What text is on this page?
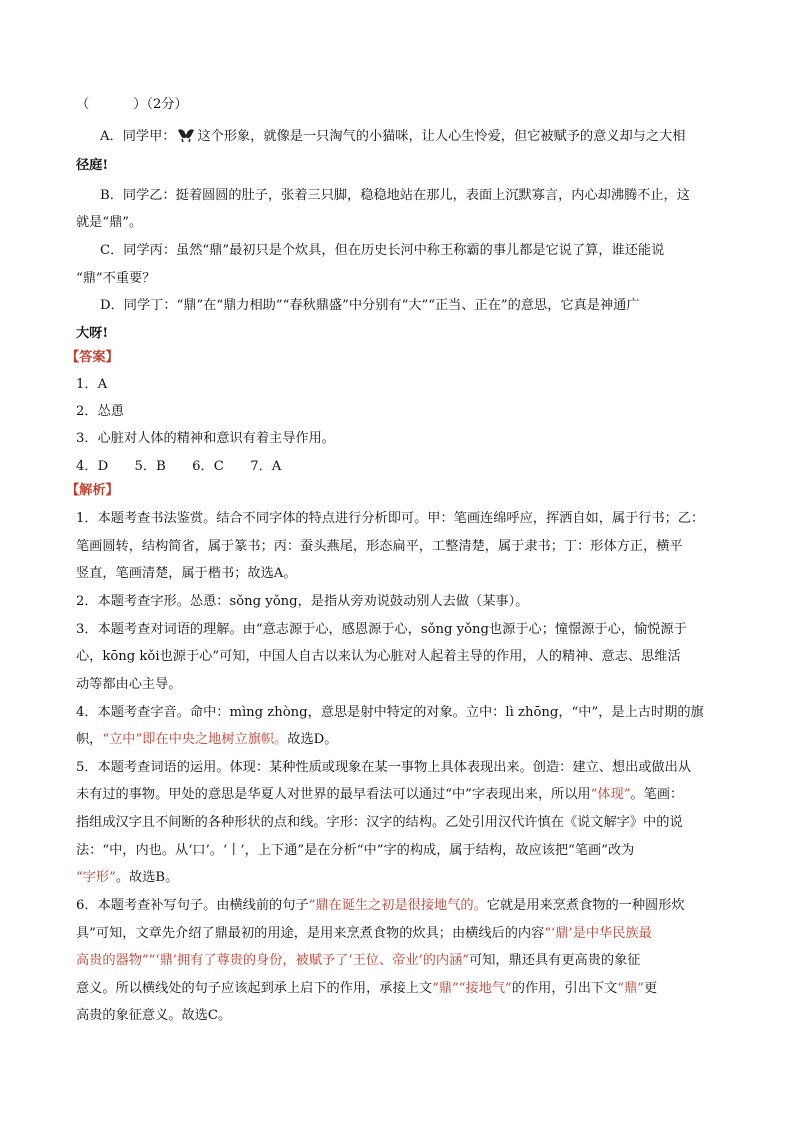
（	）（2分）
A．同学甲： 这个形象，就像是一只淘气的小猫咪，让人心生怜爱，但它被赋予的意义却与之大相
径庭!
B．同学乙：挺着圆圆的肚子，张着三只脚，稳稳地站在那儿，表面上沉默寡言，内心却沸腾不止，这
就是“鼎”。
C．同学丙：虽然“鼎”最初只是个炊具，但在历史长河中称王称霸的事儿都是它说了算，谁还能说
“鼎”不重要？
D．同学丁：“鼎”在“鼎力相助”“春秋鼎盛”中分别有“大”“正当、正在”的意思，它真是神通广
大呀!
【答案】
1．A
2．怂恿
3．心脏对人体的精神和意识有着主导作用。
4．D　　5．B　　6．C　　7．A
【解析】
1．本题考查书法鉴赏。结合不同字体的特点进行分析即可。甲：笔画连绵呼应，挥洒自如，属于行书；乙：
笔画圆转，结构简省，属于篆书；丙：蚕头燕尾，形态扁平，工整清楚，属于隶书；丁：形体方正，横平
竖直，笔画清楚，属于楷书；故选A。
2．本题考查字形。怂恿：sǒng yǒng，是指从旁劝说鼓动别人去做（某事）。
3．本题考查对词语的理解。由“意志源于心，感恩源于心，sǒng yǒng也源于心；憧憬源于心，愉悦源于
心，kōng kǒi也源于心”可知，中国人自古以来认为心脏对人起着主导的作用，人的精神、意志、思维活
动等都由心主导。
4．本题考查字音。命中：mìng zhòng，意思是射中特定的对象。立中：lì zhōng，“中”，是上古时期的旗
帜，“立中”即在中央之地树立旗帜。故选D。
5．本题考查词语的运用。体现：某种性质或现象在某一事物上具体表现出来。创造：建立、想出或做出从
未有过的事物。甲处的意思是华夏人对世界的最早看法可以通过“中”字表现出来，所以用“体现”。笔画：
指组成汉字且不间断的各种形状的点和线。字形：汉字的结构。乙处引用汉代许慎在《说文解字》中的说
法：“中，内也。从‘口’。‘丨’，上下通”是在分析“中”字的构成，属于结构，故应该把“笔画”改为
“字形”。故选B。
6．本题考查补写句子。由横线前的句子“鼎在诞生之初是很接地气的。它就是用来烹煮食物的一种圆形炊
具”可知，文章先介绍了鼎最初的用途，是用来烹煮食物的炊具；由横线后的内容“‘鼎’是中华民族最
高贵的器物”“‘鼎’拥有了尊贵的身份，被赋予了‘王位、帝业’的内涵”可知，鼎还具有更高贵的象征
意义。所以横线处的句子应该起到承上启下的作用，承接上文“鼎”“接地气”的作用，引出下文“鼎”更
高贵的象征意义。故选C。
